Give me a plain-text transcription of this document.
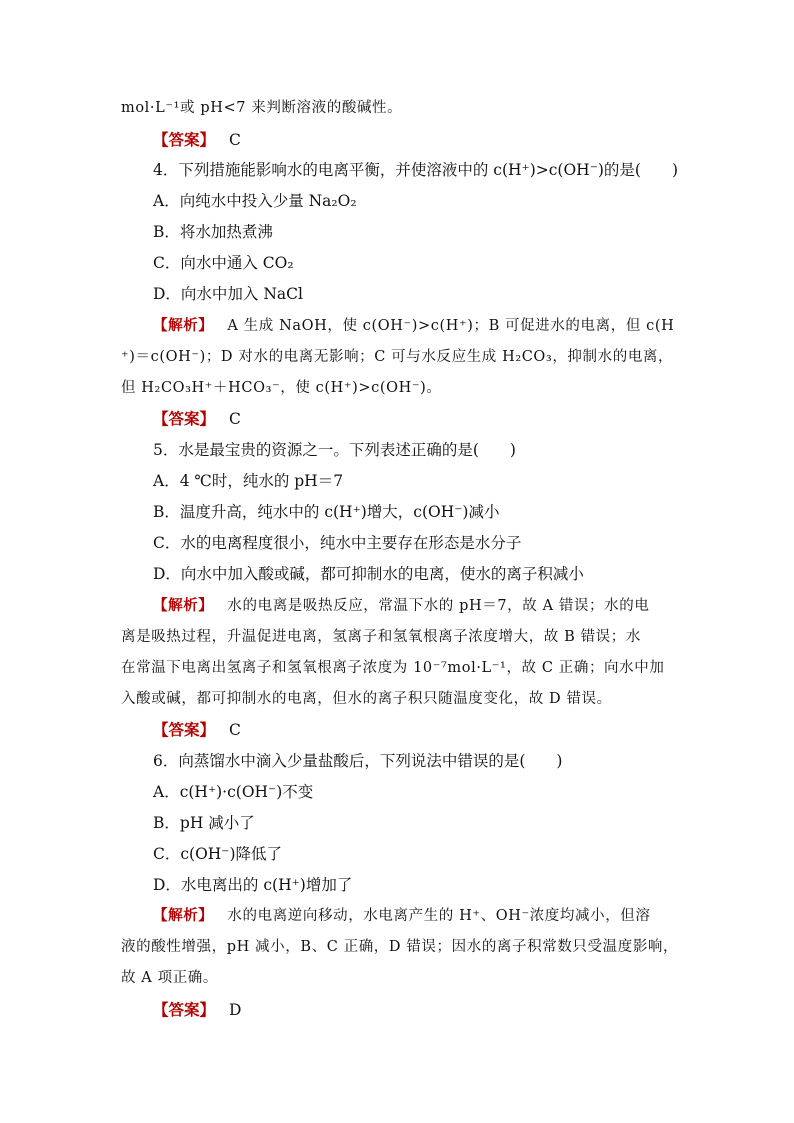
mol·L⁻¹或 pH<7 来判断溶液的酸碱性。
【答案】 C
4．下列措施能影响水的电离平衡，并使溶液中的 c(H⁺)>c(OH⁻)的是(　　)
A．向纯水中投入少量 Na₂O₂
B．将水加热煮沸
C．向水中通入 CO₂
D．向水中加入 NaCl
【解析】 A 生成 NaOH，使 c(OH⁻)>c(H⁺)；B 可促进水的电离，但 c(H
⁺)＝c(OH⁻)；D 对水的电离无影响；C 可与水反应生成 H₂CO₃，抑制水的电离，
但 H₂CO₃H⁺＋HCO₃⁻，使 c(H⁺)>c(OH⁻)。
【答案】 C
5．水是最宝贵的资源之一。下列表述正确的是(　　)
A．4 ℃时，纯水的 pH＝7
B．温度升高，纯水中的 c(H⁺)增大，c(OH⁻)减小
C．水的电离程度很小，纯水中主要存在形态是水分子
D．向水中加入酸或碱，都可抑制水的电离，使水的离子积减小
【解析】 水的电离是吸热反应，常温下水的 pH＝7，故 A 错误；水的电
离是吸热过程，升温促进电离，氢离子和氢氧根离子浓度增大，故 B 错误；水
在常温下电离出氢离子和氢氧根离子浓度为 10⁻⁷mol·L⁻¹，故 C 正确；向水中加
入酸或碱，都可抑制水的电离，但水的离子积只随温度变化，故 D 错误。
【答案】 C
6．向蒸馏水中滴入少量盐酸后，下列说法中错误的是(　　)
A．c(H⁺)·c(OH⁻)不变
B．pH 减小了
C．c(OH⁻)降低了
D．水电离出的 c(H⁺)增加了
【解析】 水的电离逆向移动，水电离产生的 H⁺、OH⁻浓度均减小，但溶
液的酸性增强，pH 减小，B、C 正确，D 错误；因水的离子积常数只受温度影响，
故 A 项正确。
【答案】 D
